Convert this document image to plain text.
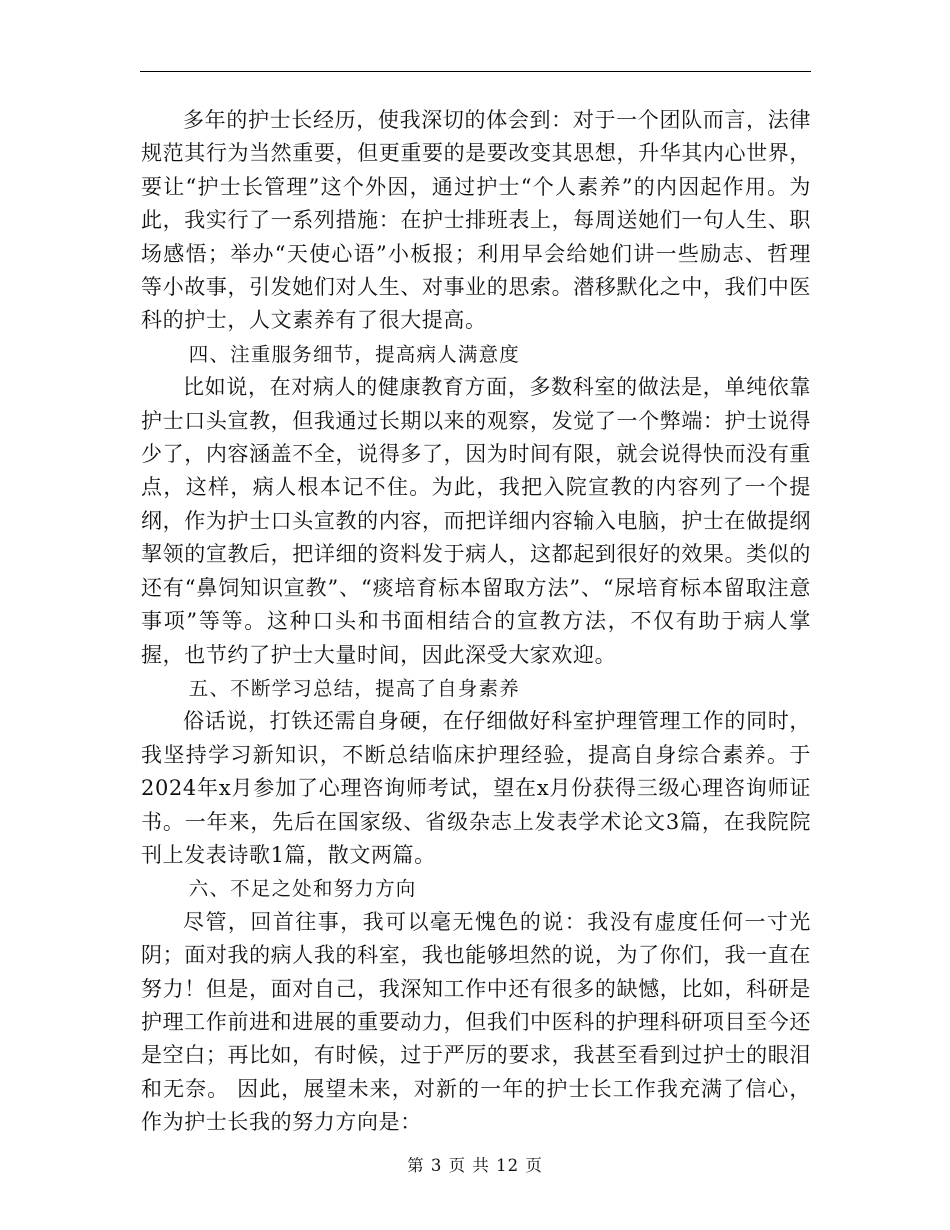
多年的护士长经历，使我深切的体会到：对于一个团队而言，法律规范其行为当然重要，但更重要的是要改变其思想，升华其内心世界，要让“护士长管理”这个外因，通过护士“个人素养”的内因起作用。为此，我实行了一系列措施：在护士排班表上，每周送她们一句人生、职场感悟；举办“天使心语”小板报；利用早会给她们讲一些励志、哲理等小故事，引发她们对人生、对事业的思索。潜移默化之中，我们中医科的护士，人文素养有了很大提高。

四、注重服务细节，提高病人满意度

比如说，在对病人的健康教育方面，多数科室的做法是，单纯依靠护士口头宣教，但我通过长期以来的观察，发觉了一个弊端：护士说得少了，内容涵盖不全，说得多了，因为时间有限，就会说得快而没有重点，这样，病人根本记不住。为此，我把入院宣教的内容列了一个提纲，作为护士口头宣教的内容，而把详细内容输入电脑，护士在做提纲挈领的宣教后，把详细的资料发于病人，这都起到很好的效果。类似的还有“鼻饲知识宣教”、“痰培育标本留取方法”、“尿培育标本留取注意事项”等等。这种口头和书面相结合的宣教方法，不仅有助于病人掌握，也节约了护士大量时间，因此深受大家欢迎。

五、不断学习总结，提高了自身素养

俗话说，打铁还需自身硬，在仔细做好科室护理管理工作的同时，我坚持学习新知识，不断总结临床护理经验，提高自身综合素养。于2024年x月参加了心理咨询师考试，望在x月份获得三级心理咨询师证书。一年来，先后在国家级、省级杂志上发表学术论文3篇，在我院院刊上发表诗歌1篇，散文两篇。

六、不足之处和努力方向

尽管，回首往事，我可以毫无愧色的说：我没有虚度任何一寸光阴；面对我的病人我的科室，我也能够坦然的说，为了你们，我一直在努力！但是，面对自己，我深知工作中还有很多的缺憾，比如，科研是护理工作前进和进展的重要动力，但我们中医科的护理科研项目至今还是空白；再比如，有时候，过于严厉的要求，我甚至看到过护士的眼泪和无奈。 因此，展望未来，对新的一年的护士长工作我充满了信心，作为护士长我的努力方向是：

第 3 页 共 12 页
